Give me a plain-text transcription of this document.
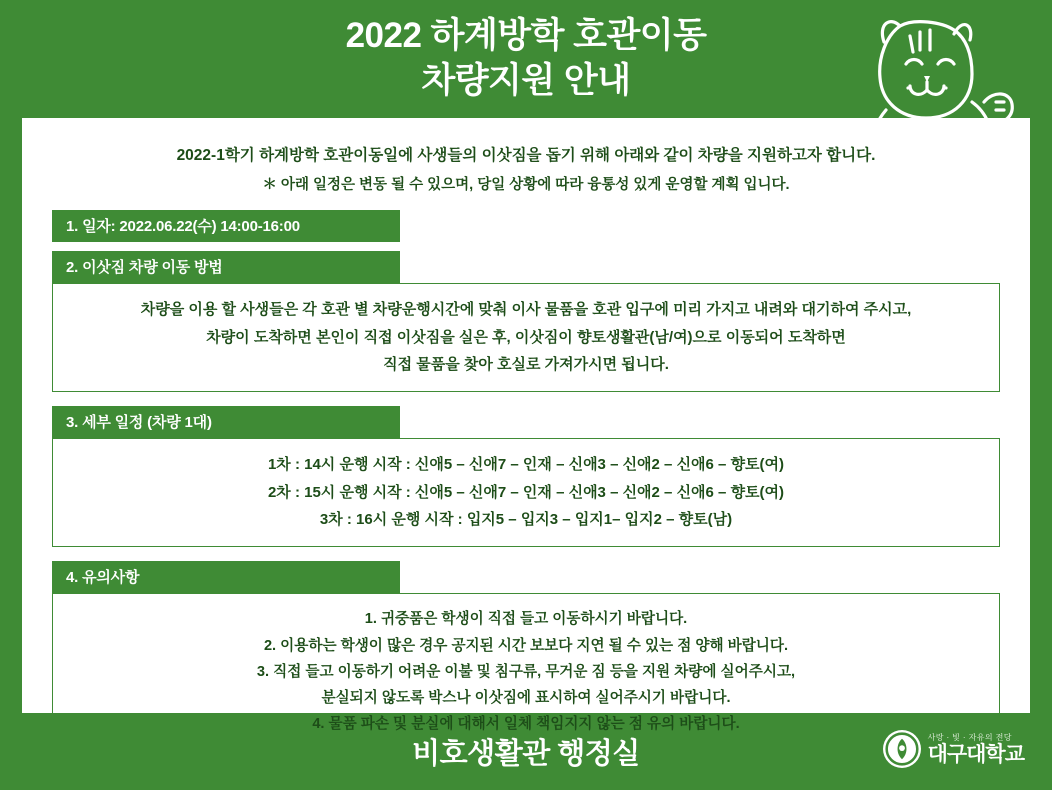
2022 하계방학 호관이동
차량지원 안내
2022-1학기 하계방학 호관이동일에 사생들의 이삿짐을 돕기 위해 아래와 같이 차량을 지원하고자 합니다.
＊ 아래 일정은 변동 될 수 있으며, 당일 상황에 따라 융통성 있게 운영할 계획 입니다.
1. 일자: 2022.06.22(수) 14:00-16:00
2. 이삿짐 차량 이동 방법
차량을 이용 할 사생들은 각 호관 별 차량운행시간에 맞춰 이사 물품을 호관 입구에 미리 가지고 내려와 대기하여 주시고,
차량이 도착하면 본인이 직접 이삿짐을 실은 후, 이삿짐이 향토생활관(남/여)으로 이동되어 도착하면
직접 물품을 찾아 호실로 가져가시면 됩니다.
3. 세부 일정 (차량 1대)
1차 : 14시 운행 시작 : 신애5 – 신애7 – 인재 – 신애3 – 신애2 – 신애6 – 향토(여)
2차 : 15시 운행 시작 : 신애5 – 신애7 – 인재 – 신애3 – 신애2 – 신애6 – 향토(여)
3차 : 16시 운행 시작 : 입지5 – 입지3 – 입지1– 입지2 – 향토(남)
4. 유의사항
1. 귀중품은 학생이 직접 들고 이동하시기 바랍니다.
2. 이용하는 학생이 많은 경우 공지된 시간 보보다 지연 될 수 있는 점 양해 바랍니다.
3. 직접 들고 이동하기 어려운 이불 및 침구류, 무거운 짐 등을 지원 차량에 실어주시고,
분실되지 않도록 박스나 이삿짐에 표시하여 실어주시기 바랍니다.
4. 물품 파손 및 분실에 대해서 일체 책임지지 않는 점 유의 바랍니다.
비호생활관 행정실
사랑 · 빛 · 자유의 전당
대구대학교
